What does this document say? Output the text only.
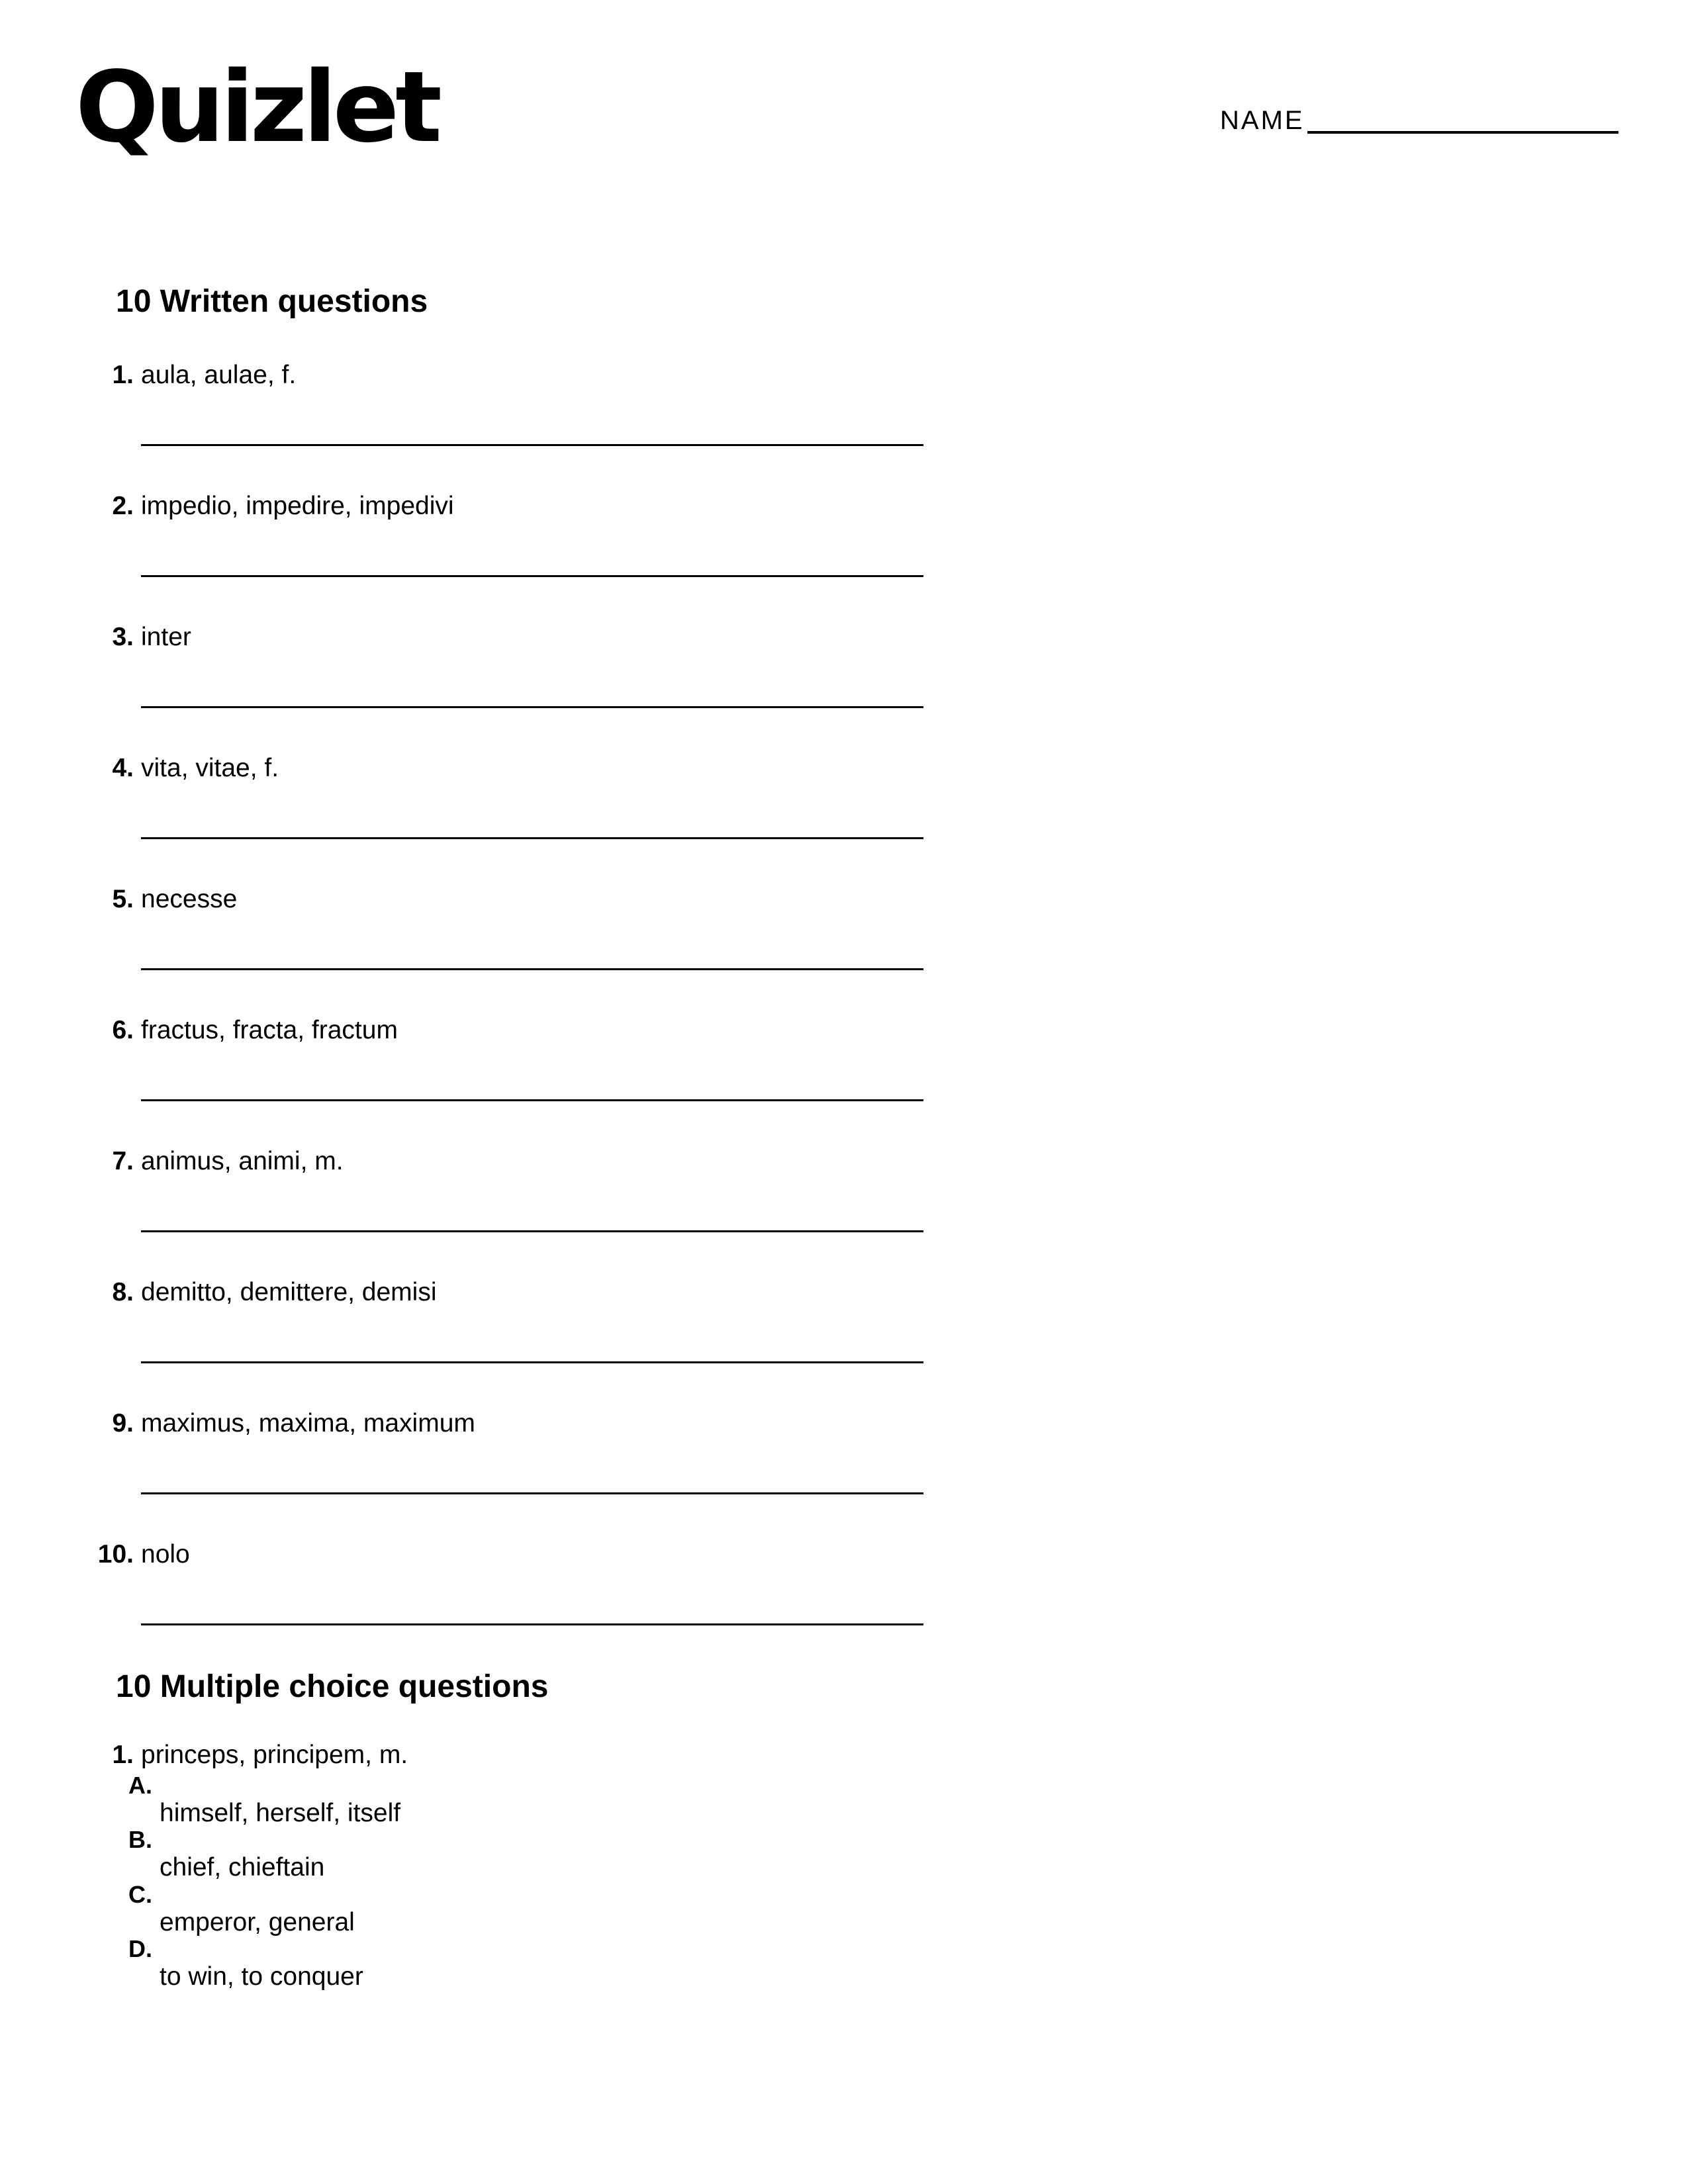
Quizlet	NAME
10 Written questions
1. aula, aulae, f.
2. impedio, impedire, impedivi
3. inter
4. vita, vitae, f.
5. necesse
6. fractus, fracta, fractum
7. animus, animi, m.
8. demitto, demittere, demisi
9. maximus, maxima, maximum
10. nolo
10 Multiple choice questions
1. princeps, principem, m.
A.
himself, herself, itself
B.
chief, chieftain
C.
emperor, general
D.
to win, to conquer
